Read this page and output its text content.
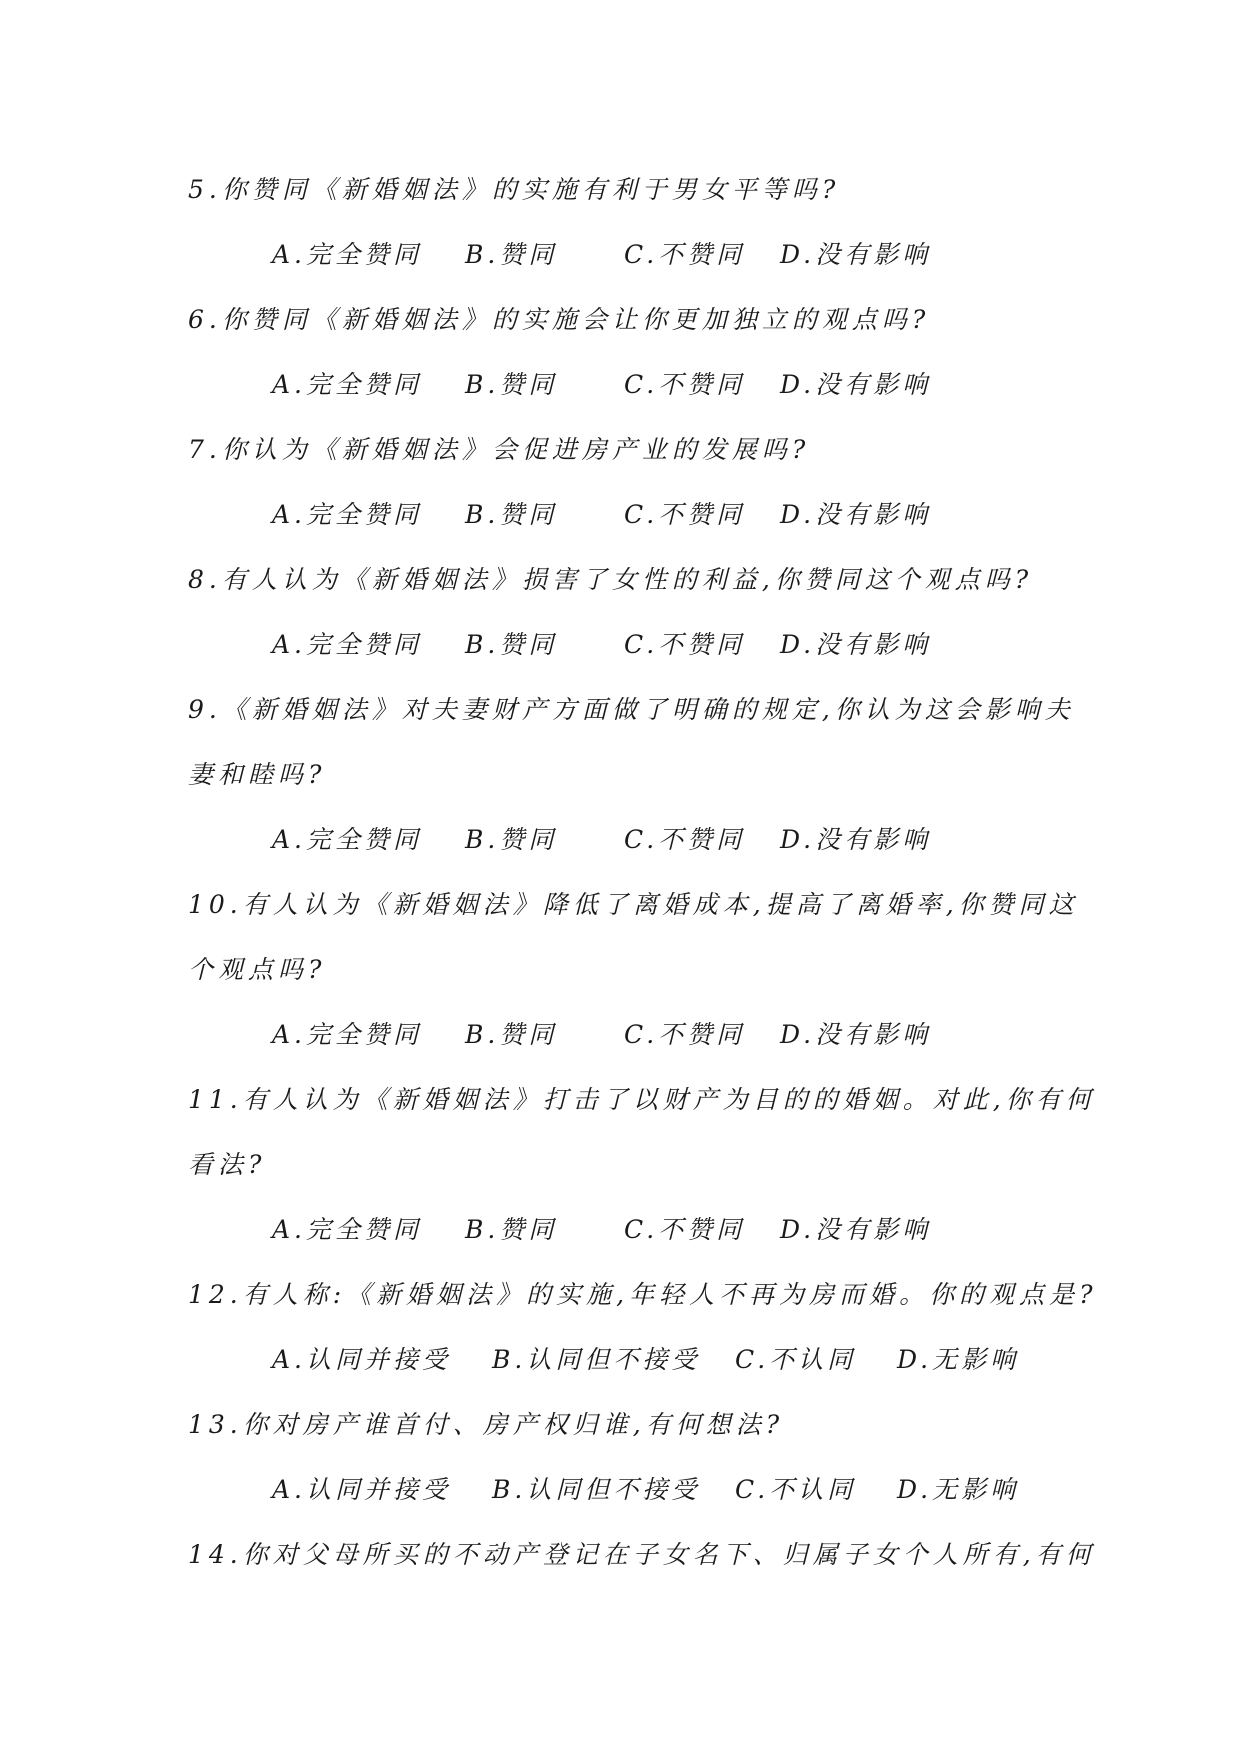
5.你赞同《新婚姻法》的实施有利于男女平等吗?
A.完全赞同 B.赞同	C.不赞同 D.没有影响
6.你赞同《新婚姻法》的实施会让你更加独立的观点吗?
A.完全赞同 B.赞同	C.不赞同 D.没有影响
7.你认为《新婚姻法》会促进房产业的发展吗?
A.完全赞同 B.赞同	C.不赞同 D.没有影响
8.有人认为《新婚姻法》损害了女性的利益,你赞同这个观点吗?
A.完全赞同 B.赞同	C.不赞同 D.没有影响
9.《新婚姻法》对夫妻财产方面做了明确的规定,你认为这会影响夫
妻和睦吗?
A.完全赞同 B.赞同	C.不赞同 D.没有影响
10.有人认为《新婚姻法》降低了离婚成本,提高了离婚率,你赞同这
个观点吗?
A.完全赞同 B.赞同	C.不赞同 D.没有影响
11.有人认为《新婚姻法》打击了以财产为目的的婚姻。对此,你有何
看法?
A.完全赞同 B.赞同	C.不赞同 D.没有影响
12.有人称:《新婚姻法》的实施,年轻人不再为房而婚。你的观点是?
A.认同并接受 B.认同但不接受 C.不认同 D.无影响
13.你对房产谁首付、房产权归谁,有何想法?
A.认同并接受 B.认同但不接受 C.不认同 D.无影响
14.你对父母所买的不动产登记在子女名下、归属子女个人所有,有何
